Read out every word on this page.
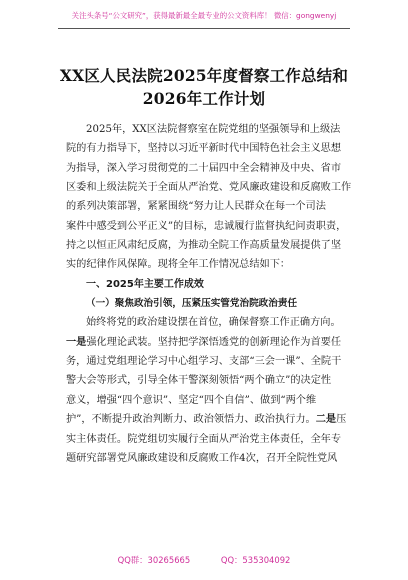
关注头条号“公文研究”，获得最新最全最专业的公文资料库！ 微信：gongwenyj
XX区人民法院2025年度督察工作总结和
2026年工作计划
2025年，XX区法院督察室在院党组的坚强领导和上级法
院的有力指导下，坚持以习近平新时代中国特色社会主义思想
为指导，深入学习贯彻党的二十届四中全会精神及中央、省市
区委和上级法院关于全面从严治党、党风廉政建设和反腐败工作
的系列决策部署，紧紧围绕“努力让人民群众在每一个司法
案件中感受到公平正义”的目标，忠诚履行监督执纪问责职责，
持之以恒正风肃纪反腐，为推动全院工作高质量发展提供了坚
实的纪律作风保障。现将全年工作情况总结如下：
一、2025年主要工作成效
（一）聚焦政治引领，压紧压实管党治院政治责任
始终将党的政治建设摆在首位，确保督察工作正确方向。
一是强化理论武装。坚持把学深悟透党的创新理论作为首要任
务，通过党组理论学习中心组学习、支部“三会一课”、全院干
警大会等形式，引导全体干警深刻领悟“两个确立”的决定性
意义，增强“四个意识”、坚定“四个自信”、做到“两个维
护”，不断提升政治判断力、政治领悟力、政治执行力。二是压
实主体责任。院党组切实履行全面从严治党主体责任，全年专
题研究部署党风廉政建设和反腐败工作4次，召开全院性党风
QQ群：30265665	QQ：535304092
